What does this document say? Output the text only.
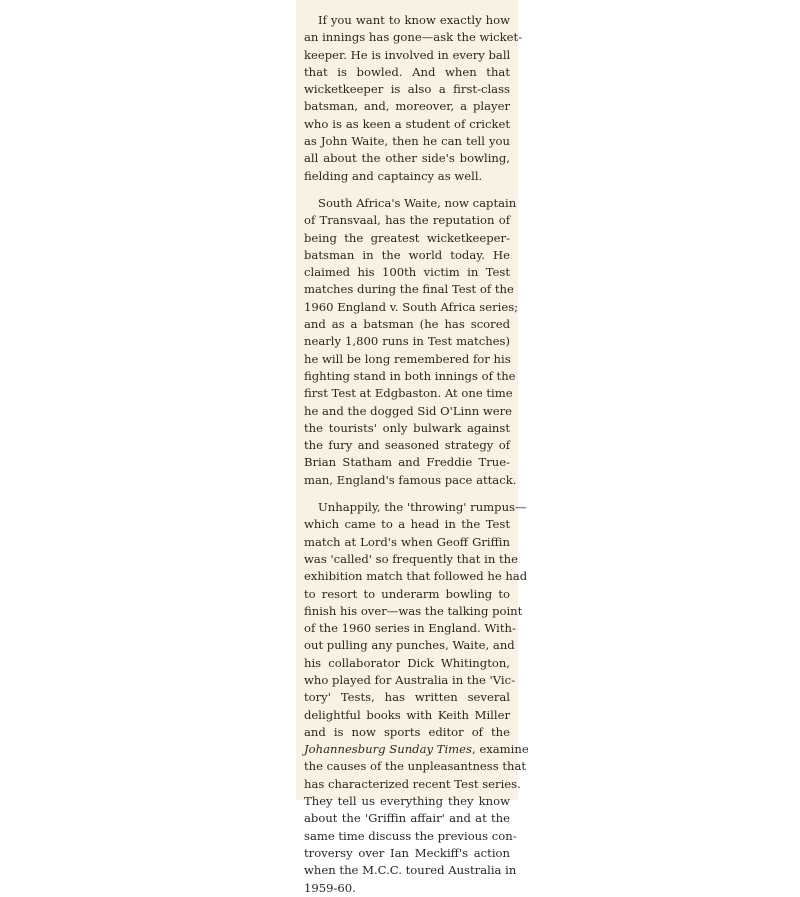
If you want to know exactly how
an innings has gone—ask the wicket-
keeper. He is involved in every ball
that is bowled. And when that
wicketkeeper is also a first-class
batsman, and, moreover, a player
who is as keen a student of cricket
as John Waite, then he can tell you
all about the other side's bowling,
fielding and captaincy as well.
South Africa's Waite, now captain
of Transvaal, has the reputation of
being the greatest wicketkeeper-
batsman in the world today. He
claimed his 100th victim in Test
matches during the final Test of the
1960 England v. South Africa series;
and as a batsman (he has scored
nearly 1,800 runs in Test matches)
he will be long remembered for his
fighting stand in both innings of the
first Test at Edgbaston. At one time
he and the dogged Sid O'Linn were
the tourists' only bulwark against
the fury and seasoned strategy of
Brian Statham and Freddie True-
man, England's famous pace attack.
Unhappily, the 'throwing' rumpus—
which came to a head in the Test
match at Lord's when Geoff Griffin
was 'called' so frequently that in the
exhibition match that followed he had
to resort to underarm bowling to
finish his over—was the talking point
of the 1960 series in England. With-
out pulling any punches, Waite, and
his collaborator Dick Whitington,
who played for Australia in the 'Vic-
tory' Tests, has written several
delightful books with Keith Miller
and is now sports editor of the
Johannesburg Sunday Times, examine
the causes of the unpleasantness that
has characterized recent Test series.
They tell us everything they know
about the 'Griffin affair' and at the
same time discuss the previous con-
troversy over Ian Meckiff's action
when the M.C.C. toured Australia in
1959-60.
